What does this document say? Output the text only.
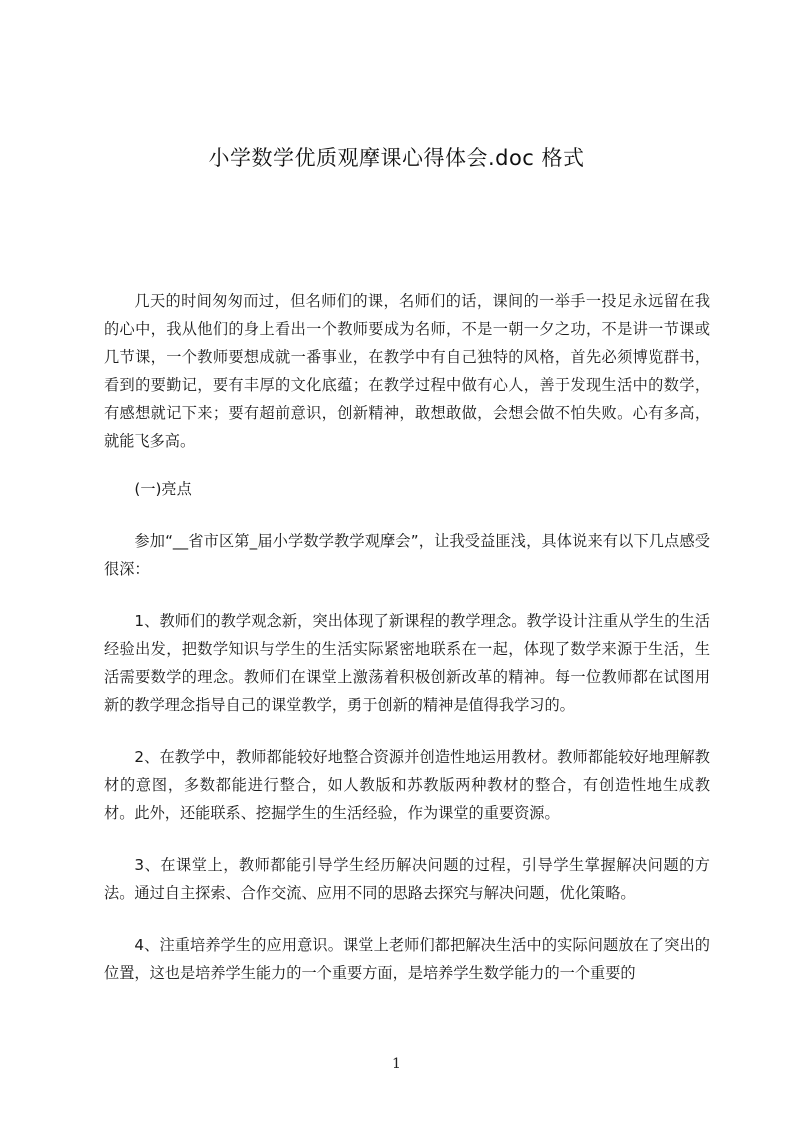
小学数学优质观摩课心得体会.doc 格式

几天的时间匆匆而过，但名师们的课，名师们的话，课间的一举手一投足永远留在我的心中，我从他们的身上看出一个教师要成为名师，不是一朝一夕之功，不是讲一节课或几节课，一个教师要想成就一番事业，在教学中有自己独特的风格，首先必须博览群书，看到的要勤记，要有丰厚的文化底蕴；在教学过程中做有心人，善于发现生活中的数学，有感想就记下来；要有超前意识，创新精神，敢想敢做，会想会做不怕失败。心有多高，就能飞多高。

(一)亮点

参加“__省市区第_届小学数学教学观摩会”，让我受益匪浅，具体说来有以下几点感受很深：

1、教师们的教学观念新，突出体现了新课程的教学理念。教学设计注重从学生的生活经验出发，把数学知识与学生的生活实际紧密地联系在一起，体现了数学来源于生活，生活需要数学的理念。教师们在课堂上激荡着积极创新改革的精神。每一位教师都在试图用新的教学理念指导自己的课堂教学，勇于创新的精神是值得我学习的。

2、在教学中，教师都能较好地整合资源并创造性地运用教材。教师都能较好地理解教材的意图，多数都能进行整合，如人教版和苏教版两种教材的整合，有创造性地生成教材。此外，还能联系、挖掘学生的生活经验，作为课堂的重要资源。

3、在课堂上，教师都能引导学生经历解决问题的过程，引导学生掌握解决问题的方法。通过自主探索、合作交流、应用不同的思路去探究与解决问题，优化策略。

4、注重培养学生的应用意识。课堂上老师们都把解决生活中的实际问题放在了突出的位置，这也是培养学生能力的一个重要方面，是培养学生数学能力的一个重要的

1
